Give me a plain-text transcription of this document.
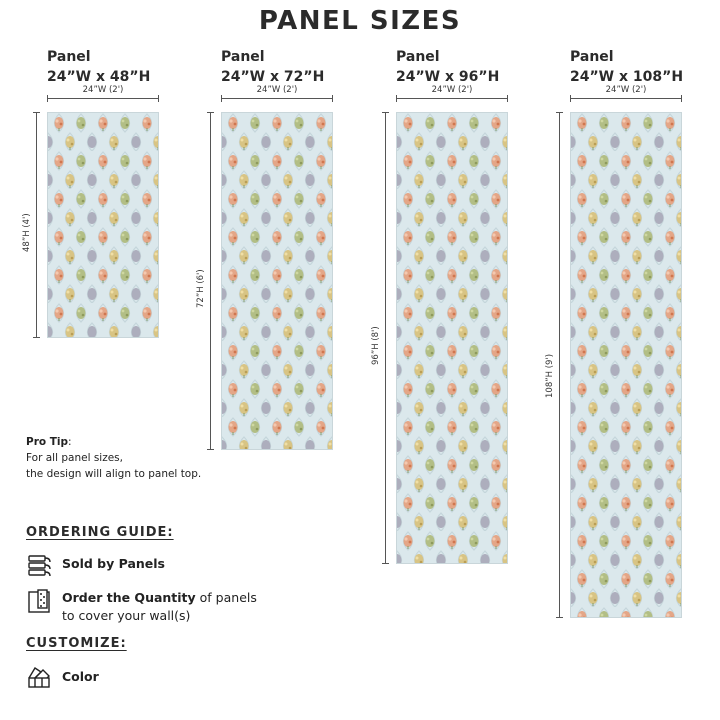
PANEL SIZES
Panel
24”W x 48”H
24”W (2')
48”H (4')
Panel
24”W x 72”H
24”W (2')
72”H (6')
Panel
24”W x 96”H
24”W (2')
96”H (8')
Panel
24”W x 108”H
24”W (2')
108”H (9')
Pro Tip:
For all panel sizes,
the design will align to panel top.
ORDERING GUIDE:
Sold by Panels
Order the Quantity of panels
to cover your wall(s)
CUSTOMIZE:
Color
